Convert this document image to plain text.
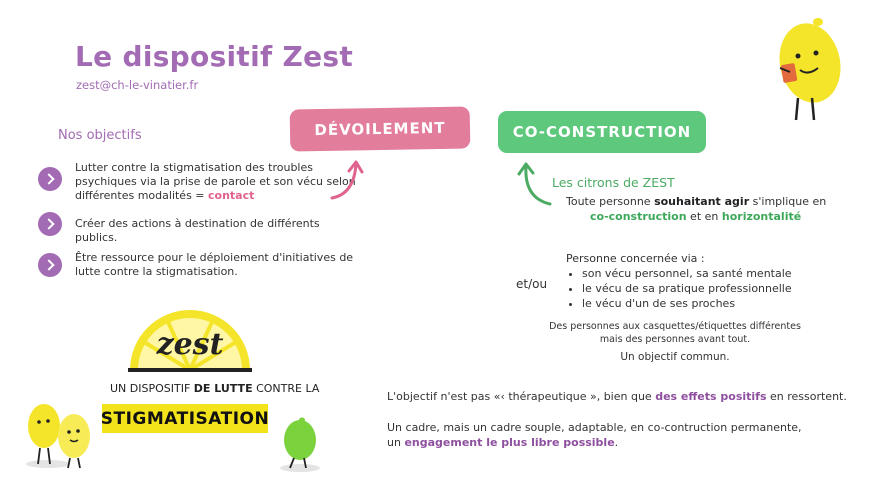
Le dispositif Zest
zest@ch-le-vinatier.fr
Nos objectifs
Lutter contre la stigmatisation des troubles psychiques via la prise de parole et son vécu selon différentes modalités = contact
Créer des actions à destination de différents publics.
Être ressource pour le déploiement d'initiatives de lutte contre la stigmatisation.
DÉVOILEMENT	CO-CONSTRUCTION
Les citrons de ZEST
Toute personne souhaitant agir s'implique en
co-construction et en horizontalité
et/ou
Personne concernée via :
• son vécu personnel, sa santé mentale
• le vécu de sa pratique professionnelle
• le vécu d'un de ses proches
Des personnes aux casquettes/étiquettes différentes
mais des personnes avant tout.
Un objectif commun.
L'objectif n'est pas «‹ thérapeutique », bien que des effets positifs en ressortent.
Un cadre, mais un cadre souple, adaptable, en co-contruction permanente,
un engagement le plus libre possible.
zest
UN DISPOSITIF DE LUTTE CONTRE LA
STIGMATISATION
